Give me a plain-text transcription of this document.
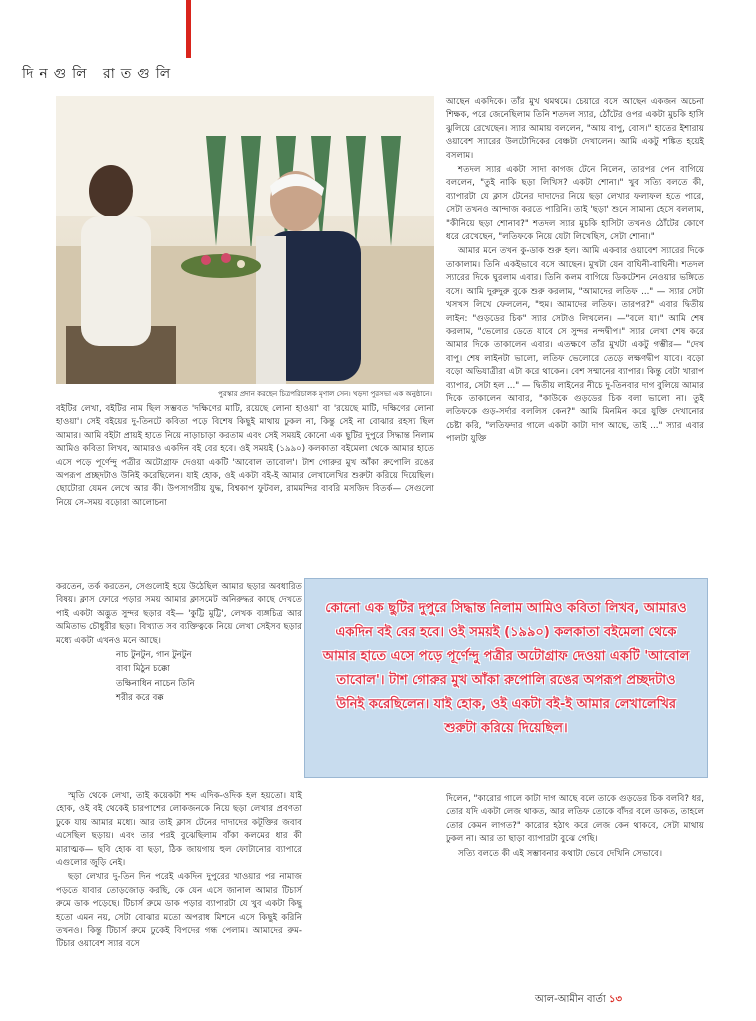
দিনগুলি রাতগুলি
পুরস্কার প্রদান করছেন চিত্রপরিচালক মৃণাল সেন। খড়দা পুরসভা এক অনুষ্ঠানে।

বইটির লেখা, বইটির নাম ছিল সম্ভবত 'দক্ষিণের মাটি, রয়েছে লোনা হাওয়া' বা 'রয়েছে মাটি, দক্ষিণের লোনা হাওয়া'। সেই বইয়ের দু-তিনটে কবিতা পড়ে বিশেষ কিছুই মাথায় ঢুকল না, কিন্তু সেই না বোঝার রহস্য ছিল আমার। আমি বইটা প্রায়ই হাতে নিয়ে নাড়াচাড়া করতাম এবং সেই সময়ই কোনো এক ছুটির দুপুরে সিদ্ধান্ত নিলাম আমিও কবিতা লিখব, আমারও একদিন বই বের হবে। ওই সময়ই (১৯৯০) কলকাতা বইমেলা থেকে আমার হাতে এসে পড়ে পূর্ণেন্দু পত্রীর অটোগ্রাফ দেওয়া একটি 'আবোল তাবোল'। টাশ গোরুর মুখ আঁকা রুপোলি রঙের অপরূপ প্রচ্ছদটাও উনিই করেছিলেন। যাই হোক, ওই একটা বই-ই আমার লেখালেখির শুরুটা করিয়ে দিয়েছিল। ছোটোরা যেমন লেখে আর কী। উপসাগরীয় যুদ্ধ, বিশ্বকাপ ফুটবল, রামমন্দির বাবরি মসজিদ বিতর্ক— সেগুলো নিয়ে সে-সময় বড়োরা আলোচনা

করতেন, তর্ক করতেন, সেগুলোই হয়ে উঠেছিল আমার ছড়ার অবধারিত বিষয়। ক্লাস ফোরে পড়ার সময় আমার ক্লাসমেট অনিরুদ্ধর কাছে দেখতে পাই একটা অদ্ভুত সুন্দর ছড়ার বই— 'কুট্টি মুট্টি', লেখক ব্যঙ্গচিত্র আর অমিতাভ চৌধুরীর ছড়া। বিখ্যাত সব ব্যক্তিত্বকে নিয়ে লেখা সেইসব ছড়ার মধ্যে একটা এখনও মনে আছে।

নাচ টুনটুন, গান টুনটুন

বাবা মিঠুন চক্কো

তক্ষিনাধিন নাচেন তিনি

শরীর করে বক্ক

স্মৃতি থেকে লেখা, তাই কয়েকটা শব্দ এদিক-ওদিক হল হয়তো। যাই হোক, ওই বই থেকেই চারপাশের লোকজনকে নিয়ে ছড়া লেখার প্রবণতা ঢুকে যায় আমার মধ্যে। আর তাই ক্লাস টেনের দাদাদের কটূক্তির জবাব এসেছিল ছড়ায়। এবং তার পরই বুঝেছিলাম বাঁকা কলমের ধার কী মারাত্মক— ছবি হোক বা ছড়া, ঠিক জায়গায় হুল ফোটানোর ব্যাপারে এগুলোর জুড়ি নেই।

ছড়া লেখার দু-তিন দিন পরেই একদিন দুপুরের খাওয়ার পর নামাজ পড়তে যাবার তোড়জোড় করছি, কে যেন এসে জানাল আমার টিচার্স রুমে ডাক পড়েছে। টিচার্স রুমে ডাক পড়ার ব্যাপারটা যে খুব একটা কিছু হতো এমন নয়, সেটা বোঝার মতো অপরাধ মিশনে এসে কিছুই করিনি তখনও। কিন্তু টিচার্স রুমে ঢুকেই বিপদের গন্ধ পেলাম। আমাদের রুম-টিচার ওয়াবেশ স্যার বসে

আছেন একদিকে। তাঁর মুখ থমথমে। চেয়ারে বসে আছেন একজন অচেনা শিক্ষক, পরে জেনেছিলাম তিনি শতদল স্যার, ঠোঁটের ওপর একটা মুচকি হাসি ঝুলিয়ে রেখেছেন। স্যার আমায় বললেন, "আয় বাপু, বোস।" হাতের ইশারায় ওয়াবেশ স্যারের উলটোদিকের বেঞ্চটা দেখালেন। আমি একটু শঙ্কিত হয়েই বসলাম।

শতদল স্যার একটা সাদা কাগজ টেনে নিলেন, তারপর পেন বাগিয়ে বললেন, "তুই নাকি ছড়া লিখিস? একটা শোনা।" খুব সত্যি বলতে কী, ব্যাপারটা যে ক্লাস টেনের দাদাদের নিয়ে ছড়া লেখার ফলাফল হতে পারে, সেটা তখনও আন্দাজ করতে পারিনি। তাই 'ছড়া' শুনে সামান্য হেসে বললাম, "কীনিয়ে ছড়া শোনাব?" শতদল স্যার মুচকি হাসিটা তখনও ঠোঁটের কোণে ধরে রেখেছেন, "লতিফকে নিয়ে যেটা লিখেছিস, সেটা শোনা।"

আমার মনে তখন কু-ডাক শুরু হল। আমি একবার ওয়াবেশ স্যারের দিকে তাকালাম। তিনি একইভাবে বসে আছেন। মুখটা যেন বাঘিনী-বাঘিনী। শতদল স্যারের দিকে ঘুরলাম এবার। তিনি কলম বাগিয়ে ডিকটেশন নেওয়ার ভঙ্গিতে বসে। আমি দুরুদুরু বুকে শুরু করলাম, "আমাদের লতিফ ..." — স্যার সেটা খসখস লিখে ফেললেন, "হুম। আমাদের লতিফ। তারপর?" এবার দ্বিতীয় লাইন: "গুড়ডের চিক" স্যার সেটাও লিখলেন। —"বলে যা।" আমি শেষ করলাম, "ভেলোর ডেতে যাবে সে সুন্দর নন্দদ্বীপ।" স্যার লেখা শেষ করে আমার দিকে তাকালেন এবার। এতক্ষণে তাঁর মুখটা একটু গম্ভীর— "দেখ বাপু। শেষ লাইনটা ভালো, লতিফ ভেলোরে তেড়ে লক্ষণদ্বীপ যাবে। বড়ো বড়ো অভিযাত্রীরা এটা করে থাকেন। বেশ সম্মানের ব্যাপার। কিন্তু বেটা খারাপ ব্যাপার, সেটা হল ..." — দ্বিতীয় লাইনের নীচে দু-তিনবার দাগ বুলিয়ে আমার দিকে তাকালেন আবার, "কাউকে গুড়ডের চিক বলা ভালো না। তুই লতিফকে গুড়-সর্দার বললিস কেন?" আমি মিনমিন করে যুক্তি দেখানোর চেষ্টা করি, "লতিফদার গালে একটা কাটা দাগ আছে, তাই ..." স্যার এবার পালটা যুক্তি

কোনো এক ছুটির দুপুরে সিদ্ধান্ত নিলাম আমিও কবিতা লিখব, আমারও একদিন বই বের হবে। ওই সময়ই (১৯৯০) কলকাতা বইমেলা থেকে আমার হাতে এসে পড়ে পূর্ণেন্দু পত্রীর অটোগ্রাফ দেওয়া একটি 'আবোল তাবোল'। টাশ গোরুর মুখ আঁকা রুপোলি রঙের অপরূপ প্রচ্ছদটাও উনিই করেছিলেন। যাই হোক, ওই একটা বই-ই আমার লেখালেখির শুরুটা করিয়ে দিয়েছিল।

দিলেন, "কারোর গালে কাটা দাগ আছে বলে তাকে গুড়ডের চিক বলবি? ধর, তোর যদি একটা লেজ থাকত, আর লতিফ তোকে বাঁদর বলে ডাকত, তাহলে তোর কেমন লাগত?" কারোর হঠাৎ করে লেজ কেন থাকবে, সেটা মাথায় ঢুকল না। আর তা ছাড়া ব্যাপারটা বুঝে গেছি।

সত্যি বলতে কী এই সম্ভাবনার কথাটা ভেবে দেখিনি সেভাবে।

আল-আমীন বার্তা ১৩
